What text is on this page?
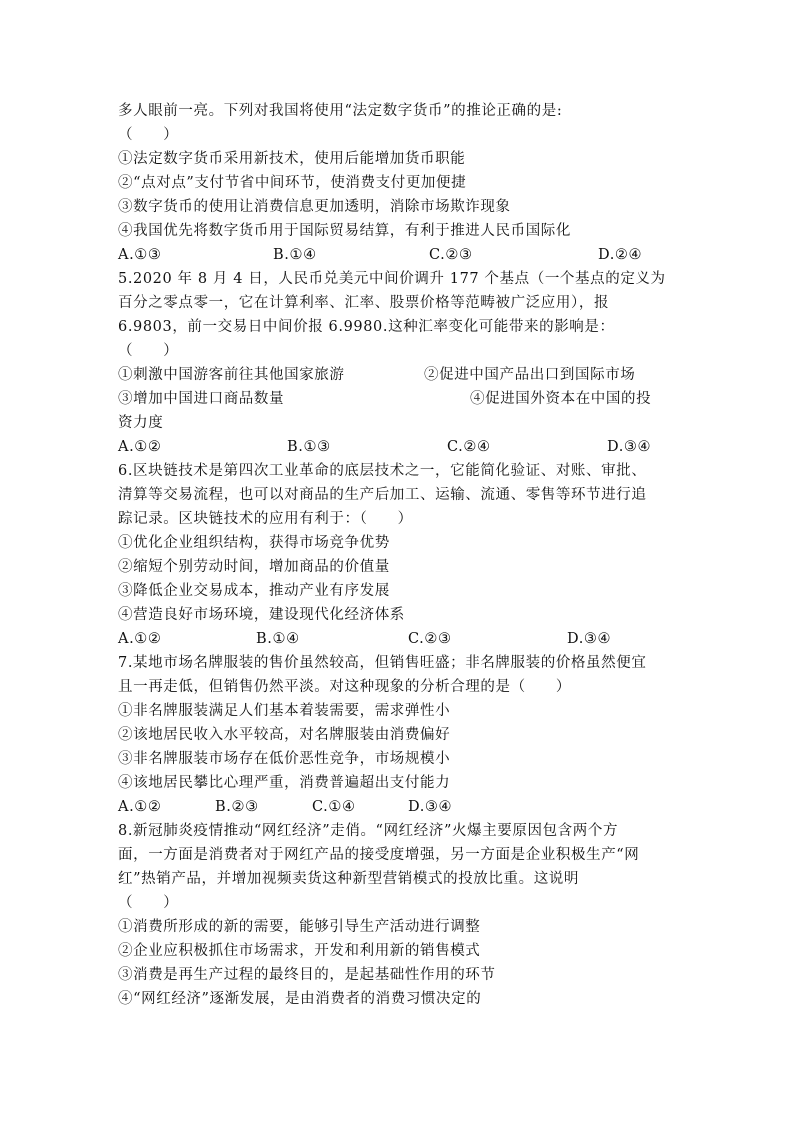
多人眼前一亮。下列对我国将使用“法定数字货币”的推论正确的是:
（　　）
①法定数字货币采用新技术，使用后能增加货币职能
②“点对点”支付节省中间环节，使消费支付更加便捷
③数字货币的使用让消费信息更加透明，消除市场欺诈现象
④我国优先将数字货币用于国际贸易结算，有利于推进人民币国际化
A.①③	B.①④	C.②③	D.②④
5.2020 年 8 月 4 日，人民币兑美元中间价调升 177 个基点（一个基点的定义为
百分之零点零一，它在计算利率、汇率、股票价格等范畴被广泛应用），报
6.9803，前一交易日中间价报 6.9980.这种汇率变化可能带来的影响是：
（　　）
①刺激中国游客前往其他国家旅游	②促进中国产品出口到国际市场
③增加中国进口商品数量	④促进国外资本在中国的投
资力度
A.①②	B.①③	C.②④	D.③④
6.区块链技术是第四次工业革命的底层技术之一，它能简化验证、对账、审批、
清算等交易流程，也可以对商品的生产后加工、运输、流通、零售等环节进行追
踪记录。区块链技术的应用有利于：（　　）
①优化企业组织结构，获得市场竞争优势
②缩短个别劳动时间，增加商品的价值量
③降低企业交易成本，推动产业有序发展
④营造良好市场环境，建设现代化经济体系
A.①②	B.①④	C.②③	D.③④
7.某地市场名牌服装的售价虽然较高，但销售旺盛；非名牌服装的价格虽然便宜
且一再走低，但销售仍然平淡。对这种现象的分析合理的是（　　）
①非名牌服装满足人们基本着装需要，需求弹性小
②该地居民收入水平较高，对名牌服装由消费偏好
③非名牌服装市场存在低价恶性竞争，市场规模小
④该地居民攀比心理严重，消费普遍超出支付能力
A.①②	B.②③	C.①④	D.③④
8.新冠肺炎疫情推动“网红经济”走俏。“网红经济”火爆主要原因包含两个方
面，一方面是消费者对于网红产品的接受度增强，另一方面是企业积极生产“网
红”热销产品，并增加视频卖货这种新型营销模式的投放比重。这说明
（　　）
①消费所形成的新的需要，能够引导生产活动进行调整
②企业应积极抓住市场需求，开发和利用新的销售模式
③消费是再生产过程的最终目的，是起基础性作用的环节
④“网红经济”逐渐发展，是由消费者的消费习惯决定的
